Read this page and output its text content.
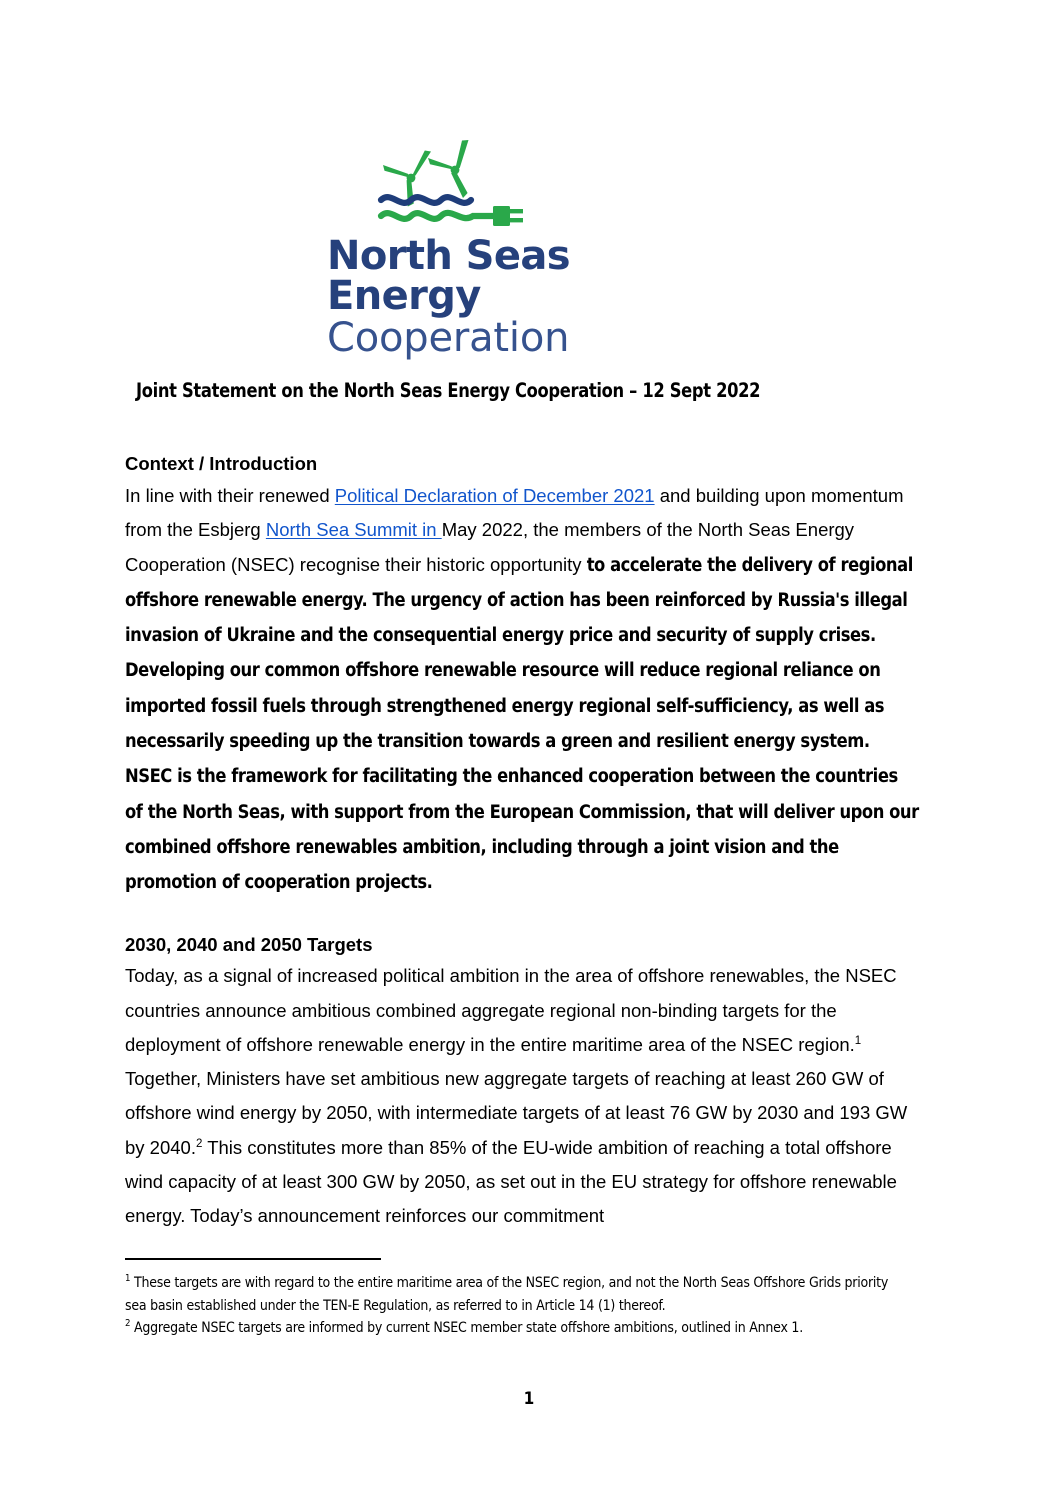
North Seas Energy
Cooperation
Joint Statement on the North Seas Energy Cooperation – 12 Sept 2022
Context / Introduction

In line with their renewed Political Declaration of December 2021 and building upon momentum from the Esbjerg North Sea Summit in May 2022, the members of the North Seas Energy Cooperation (NSEC) recognise their historic opportunity to accelerate the delivery of regional offshore renewable energy. The urgency of action has been reinforced by Russia's illegal invasion of Ukraine and the consequential energy price and security of supply crises. Developing our common offshore renewable resource will reduce regional reliance on imported fossil fuels through strengthened energy regional self-sufficiency, as well as necessarily speeding up the transition towards a green and resilient energy system. NSEC is the framework for facilitating the enhanced cooperation between the countries of the North Seas, with support from the European Commission, that will deliver upon our combined offshore renewables ambition, including through a joint vision and the promotion of cooperation projects.

2030, 2040 and 2050 Targets

Today, as a signal of increased political ambition in the area of offshore renewables, the NSEC countries announce ambitious combined aggregate regional non-binding targets for the deployment of offshore renewable energy in the entire maritime area of the NSEC region.$^1$ Together, Ministers have set ambitious new aggregate targets of reaching at least 260 GW of offshore wind energy by 2050, with intermediate targets of at least 76 GW by 2030 and 193 GW by 2040.$^2$ This constitutes more than 85% of the EU-wide ambition of reaching a total offshore wind capacity of at least 300 GW by 2050, as set out in the EU strategy for offshore renewable energy. Today’s announcement reinforces our commitment

$^1$ These targets are with regard to the entire maritime area of the NSEC region, and not the North Seas Offshore Grids priority sea basin established under the TEN-E Regulation, as referred to in Article 14 (1) thereof.

$^2$ Aggregate NSEC targets are informed by current NSEC member state offshore ambitions, outlined in Annex 1.

1
